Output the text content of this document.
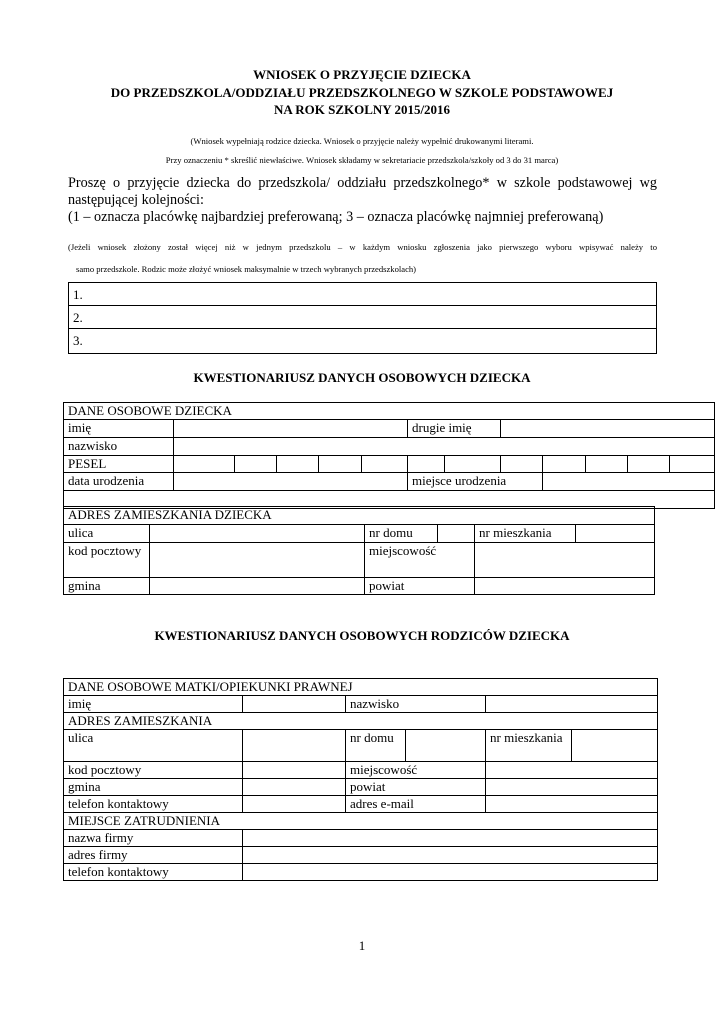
WNIOSEK O PRZYJĘCIE DZIECKA
DO PRZEDSZKOLA/ODDZIAŁU PRZEDSZKOLNEGO W SZKOLE PODSTAWOWEJ
NA ROK SZKOLNY 2015/2016
(Wniosek wypełniają rodzice dziecka. Wniosek o przyjęcie należy wypełnić drukowanymi literami.
Przy oznaczeniu * skreślić niewłaściwe. Wniosek składamy w sekretariacie przedszkola/szkoły od 3 do 31 marca)
Proszę o przyjęcie dziecka do przedszkola/ oddziału przedszkolnego* w szkole podstawowej wg
następującej kolejności:
(1 – oznacza placówkę najbardziej preferowaną; 3 – oznacza placówkę najmniej preferowaną)
(Jeżeli wniosek złożony został więcej niż w jednym przedszkolu – w każdym wniosku zgłoszenia jako pierwszego wyboru wpisywać należy to
samo przedszkole. Rodzic może złożyć wniosek maksymalnie w trzech wybranych przedszkolach)
1.
2.
3.
KWESTIONARIUSZ DANYCH OSOBOWYCH DZIECKA
DANE OSOBOWE DZIECKA												
imię						drugie imię						
nazwisko												
PESEL												
data urodzenia						miejsce urodzenia						

ADRES ZAMIESZKANIA DZIECKA					
ulica		nr domu		nr mieszkania	
kod pocztowy		miejscowość			
gmina		powiat			
KWESTIONARIUSZ DANYCH OSOBOWYCH RODZICÓW DZIECKA
DANE OSOBOWE MATKI/OPIEKUNKI PRAWNEJ					
imię		nazwisko			
ADRES ZAMIESZKANIA					
ulica		nr domu		nr mieszkania	
kod pocztowy		miejscowość			
gmina		powiat			
telefon kontaktowy		adres e-mail			
MIEJSCE ZATRUDNIENIA					
nazwa firmy					
adres firmy					
telefon kontaktowy					
1
